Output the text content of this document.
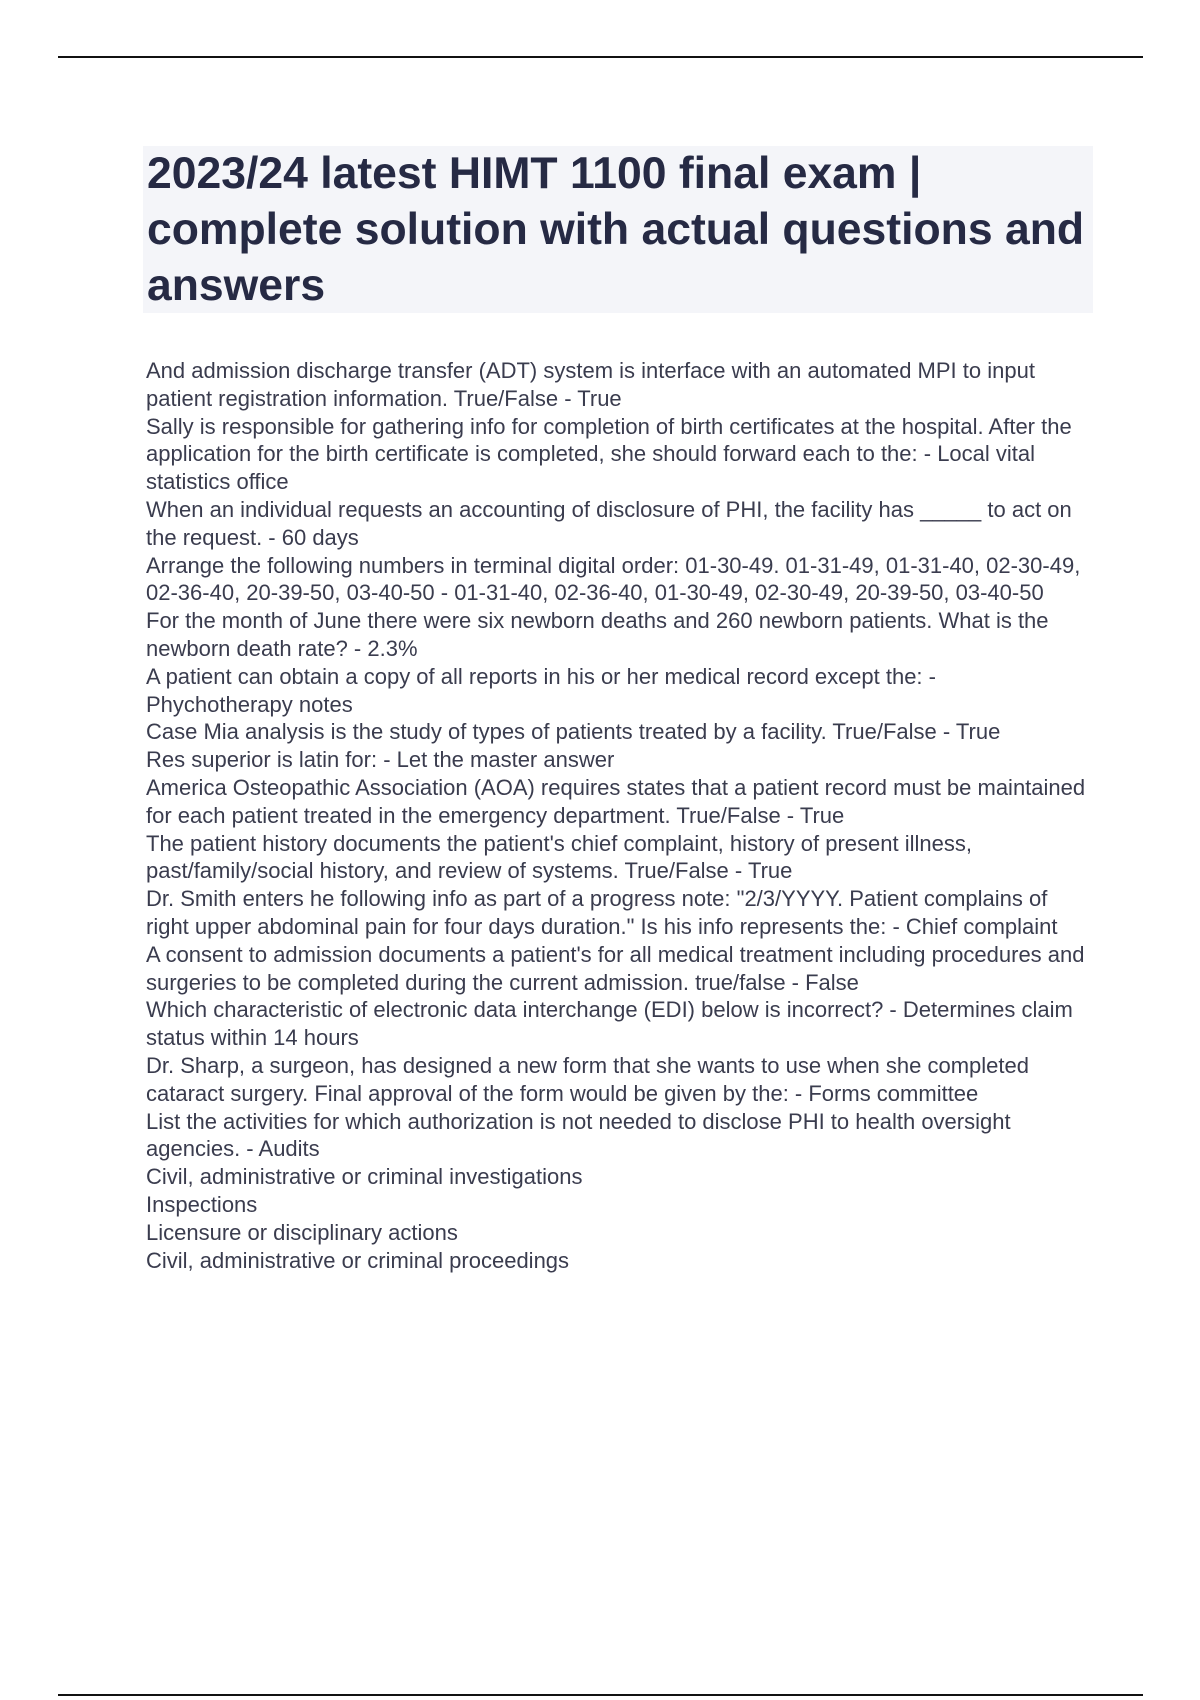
2023/24 latest HIMT 1100 final exam | complete solution with actual questions and answers

And admission discharge transfer (ADT) system is interface with an automated MPI to input patient registration information. True/False - True

Sally is responsible for gathering info for completion of birth certificates at the hospital. After the application for the birth certificate is completed, she should forward each to the: - Local vital statistics office

When an individual requests an accounting of disclosure of PHI, the facility has _____ to act on the request. - 60 days

Arrange the following numbers in terminal digital order: 01-30-49. 01-31-49, 01-31-40, 02-30-49, 02-36-40, 20-39-50, 03-40-50 - 01-31-40, 02-36-40, 01-30-49, 02-30-49, 20-39-50, 03-40-50

For the month of June there were six newborn deaths and 260 newborn patients. What is the newborn death rate? - 2.3%

A patient can obtain a copy of all reports in his or her medical record except the: - Phychotherapy notes

Case Mia analysis is the study of types of patients treated by a facility. True/False - True

Res superior is latin for: - Let the master answer

America Osteopathic Association (AOA) requires states that a patient record must be maintained for each patient treated in the emergency department. True/False - True

The patient history documents the patient's chief complaint, history of present illness, past/family/social history, and review of systems. True/False - True

Dr. Smith enters he following info as part of a progress note: "2/3/YYYY. Patient complains of right upper abdominal pain for four days duration." Is his info represents the: - Chief complaint

A consent to admission documents a patient's for all medical treatment including procedures and surgeries to be completed during the current admission. true/false - False

Which characteristic of electronic data interchange (EDI) below is incorrect? - Determines claim status within 14 hours

Dr. Sharp, a surgeon, has designed a new form that she wants to use when she completed cataract surgery. Final approval of the form would be given by the: - Forms committee

List the activities for which authorization is not needed to disclose PHI to health oversight agencies. - Audits

Civil, administrative or criminal investigations

Inspections

Licensure or disciplinary actions

Civil, administrative or criminal proceedings
